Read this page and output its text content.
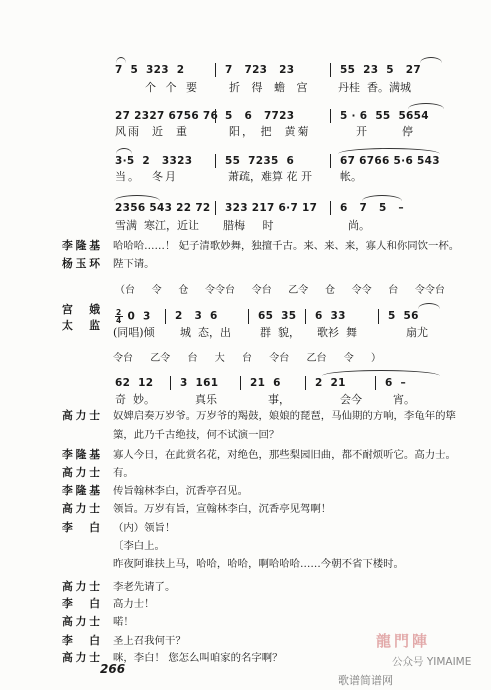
7  5  323  2	7   723   23	55  23  5   27
个 个 要	折 得 蟾 宫	丹桂  香。满城
27 2327 6756 76 5   6   7723	5 · 6  55  5654
风雨  近  重	阳， 把  黄菊	开      停
3·5  2   3323	55  7235  6	67 6766 5·6 543
当。  冬月	萧疏，难算 花 开	帐。
2356 543 22 72	323 217 6·7 17	6   7   5   –
雪满  寒江，近让	腊梅     时	尚。
李隆基 哈哈哈……！ 妃子清歌妙舞，独擅千古。来、来、来，寡人和你同饮一杯。
杨玉环 陛下请。
（台 令 仓 令令台 令台 乙令 仓 令令 台 令令台
宫 娥
太 监
$\frac{2}{4} 0$  3	2   3  6	65  35	6  33	5  56
(同唱)倾	城  态，出	群  貌，	歌衫  舞	扇尤
令台 乙令 台 大 台 令台 乙台 令 ）
62  12	3  161	21  6	2  21	6  –
奇  妙。	真乐	事，	会今	宵。
高力士 奴婢启奏万岁爷。万岁爷的羯鼓，娘娘的琵琶，马仙期的方响，李龟年的筚
篥，此乃千古绝技，何不试演一回？
李隆基 寡人今日，在此赏名花，对绝色，那些梨园旧曲，都不耐烦听它。高力士。
高力士 有。
李隆基 传旨翰林李白，沉香亭召见。
高力士 领旨。万岁有旨，宣翰林李白，沉香亭见驾啊！
李 白 （内）领旨！
〔李白上。
昨夜阿谁扶上马，哈哈，哈哈，啊哈哈哈……今朝不省下楼时。
高力士 李老先请了。
李 白 高力士！
高力士 喏！
李 白 圣上召我何干？
高力士 咪，李白！ 您怎么叫咱家的名字啊？
266
龍門陣
公众号 YIMAIME
歌谱简谱网
